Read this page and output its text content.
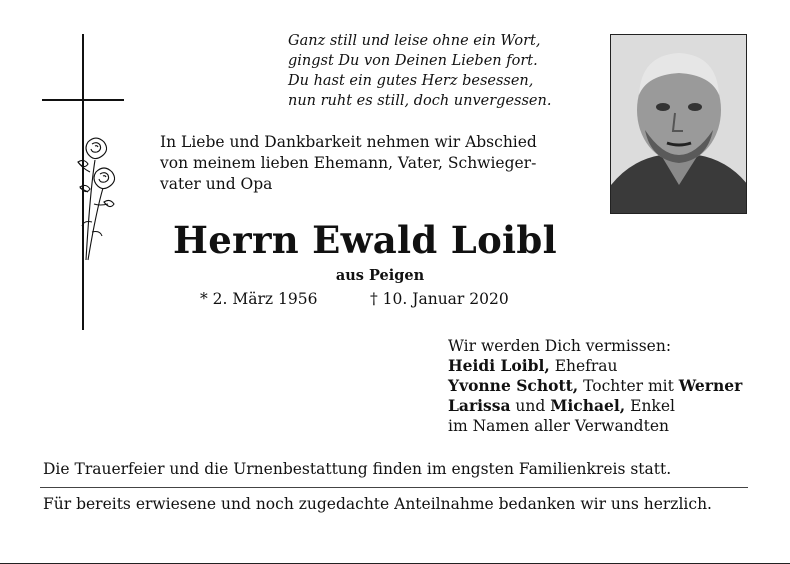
Ganz still und leise ohne ein Wort,
gingst Du von Deinen Lieben fort.
Du hast ein gutes Herz besessen,
nun ruht es still, doch unvergessen.
In Liebe und Dankbarkeit nehmen wir Abschied
von meinem lieben Ehemann, Vater, Schwieger-
vater und Opa
Herrn Ewald Loibl
aus Peigen
* 2. März 1956	† 10. Januar 2020
Wir werden Dich vermissen:
Heidi Loibl, Ehefrau
Yvonne Schott, Tochter mit Werner
Larissa und Michael, Enkel
im Namen aller Verwandten
Die Trauerfeier und die Urnenbestattung finden im engsten Familienkreis statt.
Für bereits erwiesene und noch zugedachte Anteilnahme bedanken wir uns herzlich.
